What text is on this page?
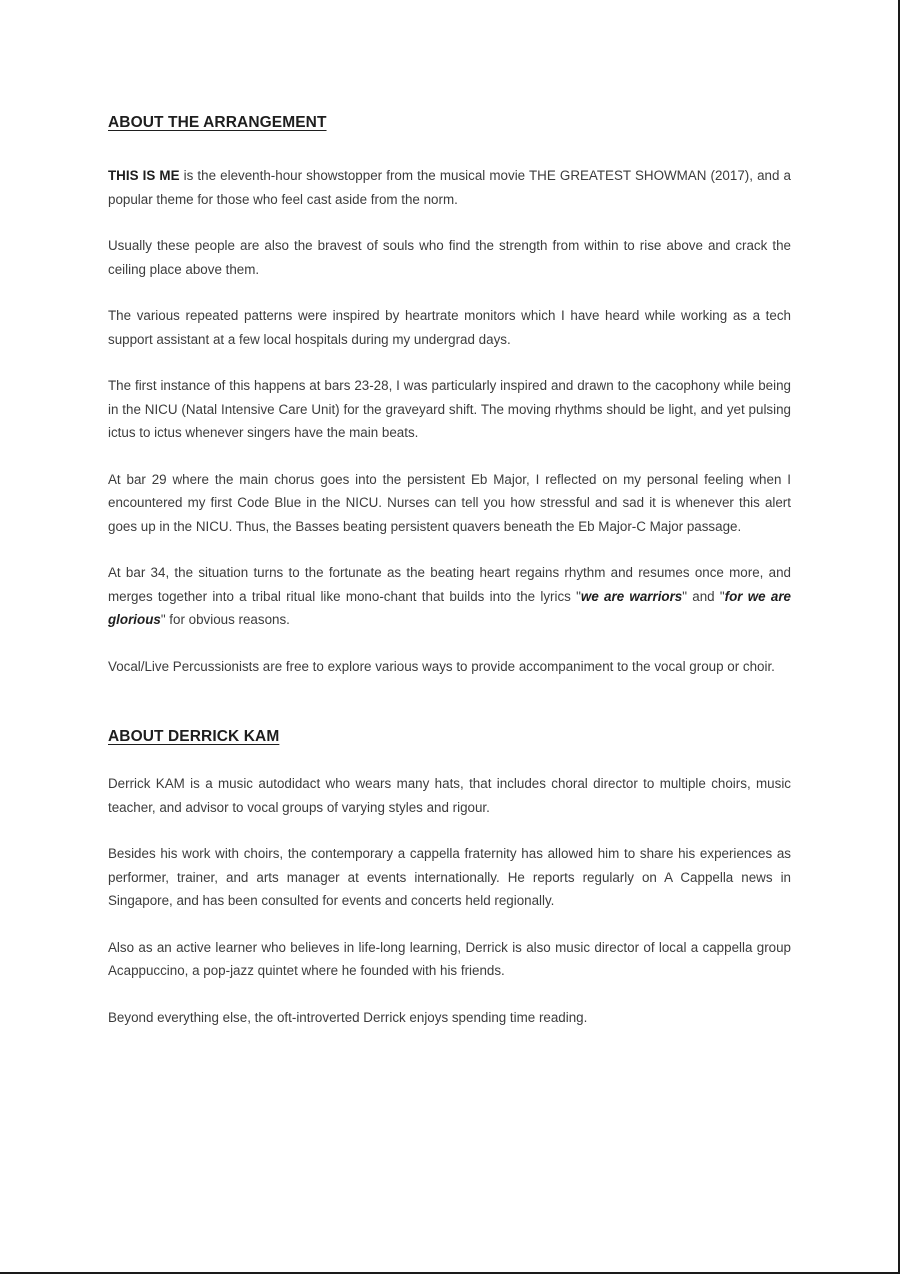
ABOUT THE ARRANGEMENT

THIS IS ME is the eleventh-hour showstopper from the musical movie THE GREATEST SHOWMAN (2017), and a popular theme for those who feel cast aside from the norm.

Usually these people are also the bravest of souls who find the strength from within to rise above and crack the ceiling place above them.

The various repeated patterns were inspired by heartrate monitors which I have heard while working as a tech support assistant at a few local hospitals during my undergrad days.

The first instance of this happens at bars 23-28, I was particularly inspired and drawn to the cacophony while being in the NICU (Natal Intensive Care Unit) for the graveyard shift. The moving rhythms should be light, and yet pulsing ictus to ictus whenever singers have the main beats.

At bar 29 where the main chorus goes into the persistent Eb Major, I reflected on my personal feeling when I encountered my first Code Blue in the NICU. Nurses can tell you how stressful and sad it is whenever this alert goes up in the NICU. Thus, the Basses beating persistent quavers beneath the Eb Major-C Major passage.

At bar 34, the situation turns to the fortunate as the beating heart regains rhythm and resumes once more, and merges together into a tribal ritual like mono-chant that builds into the lyrics "we are warriors" and "for we are glorious" for obvious reasons.

Vocal/Live Percussionists are free to explore various ways to provide accompaniment to the vocal group or choir.

ABOUT DERRICK KAM

Derrick KAM is a music autodidact who wears many hats, that includes choral director to multiple choirs, music teacher, and advisor to vocal groups of varying styles and rigour.

Besides his work with choirs, the contemporary a cappella fraternity has allowed him to share his experiences as performer, trainer, and arts manager at events internationally. He reports regularly on A Cappella news in Singapore, and has been consulted for events and concerts held regionally.

Also as an active learner who believes in life-long learning, Derrick is also music director of local a cappella group Acappuccino, a pop-jazz quintet where he founded with his friends.

Beyond everything else, the oft-introverted Derrick enjoys spending time reading.
